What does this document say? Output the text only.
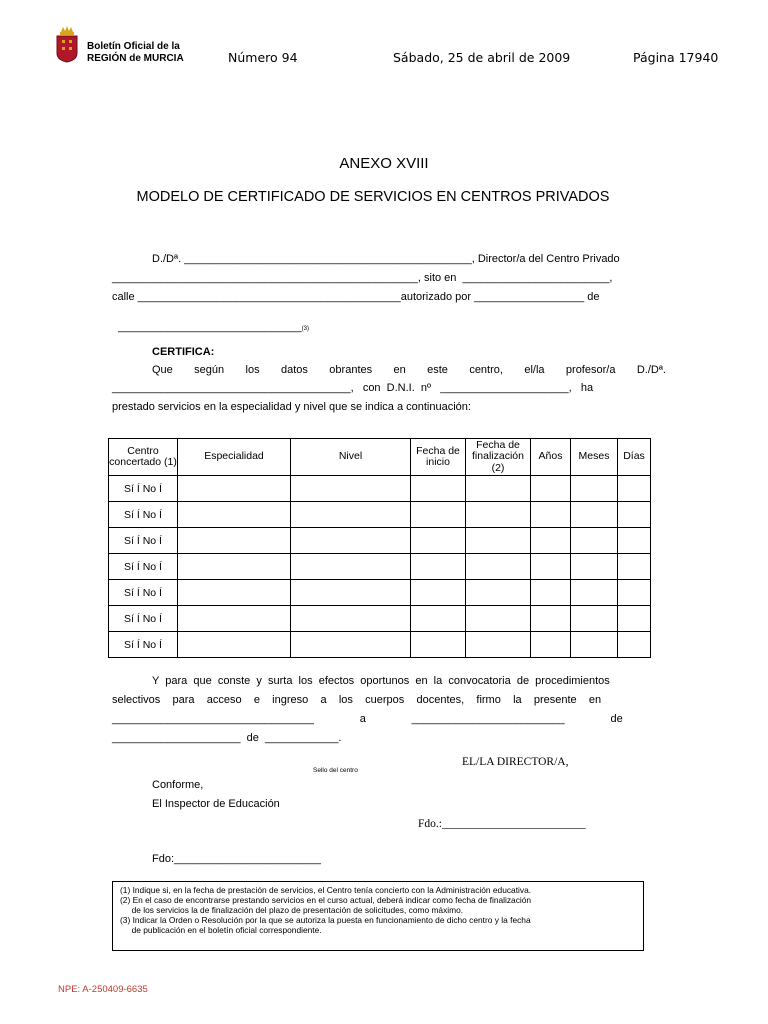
Boletín Oficial de la
REGIÓN de MURCIA	Número 94	Sábado, 25 de abril de 2009	Página 17940
ANEXO XVIII
MODELO DE CERTIFICADO DE SERVICIOS EN CENTROS PRIVADOS
D./Dª. _______________________________________________, Director/a del Centro Privado
__________________________________________________, sito en  ________________________,
calle ___________________________________________autorizado por __________________ de

______________________________(3)

CERTIFICA:
Que       según       los       datos       obrantes       en       este       centro,       el/la       profesor/a       D./Dª.
_______________________________________,   con  D.N.I.  nº   _____________________,   ha
prestado servicios en la especialidad y nivel que se indica a continuación:
Centro concertado (1)	Especialidad	Nivel	Fecha de inicio	Fecha de finalización (2)	Años	Meses	Días
Sí Í No Í							
Sí Í No Í							
Sí Í No Í							
Sí Í No Í							
Sí Í No Í							
Sí Í No Í							
Sí Í No Í							
Y  para  que  conste  y  surta  los  efectos  oportunos  en  la  convocatoria  de  procedimientos
selectivos    para    acceso    e    ingreso    a    los    cuerpos    docentes,    firmo    la    presente    en
_________________________________               a               _________________________               de
_____________________  de  ____________.
EL/LA DIRECTOR/A,
Sello del centro
Conforme,
El Inspector de Educación
Fdo.:_________________________
Fdo:________________________
(1) Indique si, en la fecha de prestación de servicios, el Centro tenía concierto con la Administración educativa.
(2) En el caso de encontrarse prestando servicios en el curso actual, deberá indicar como fecha de finalización
de los servicios la de finalización del plazo de presentación de solicitudes, como máximo.
(3) Indicar la Orden o Resolución por la que se autoriza la puesta en funcionamiento de dicho centro y la fecha
de publicación en el boletín oficial correspondiente.
NPE: A-250409-6635
